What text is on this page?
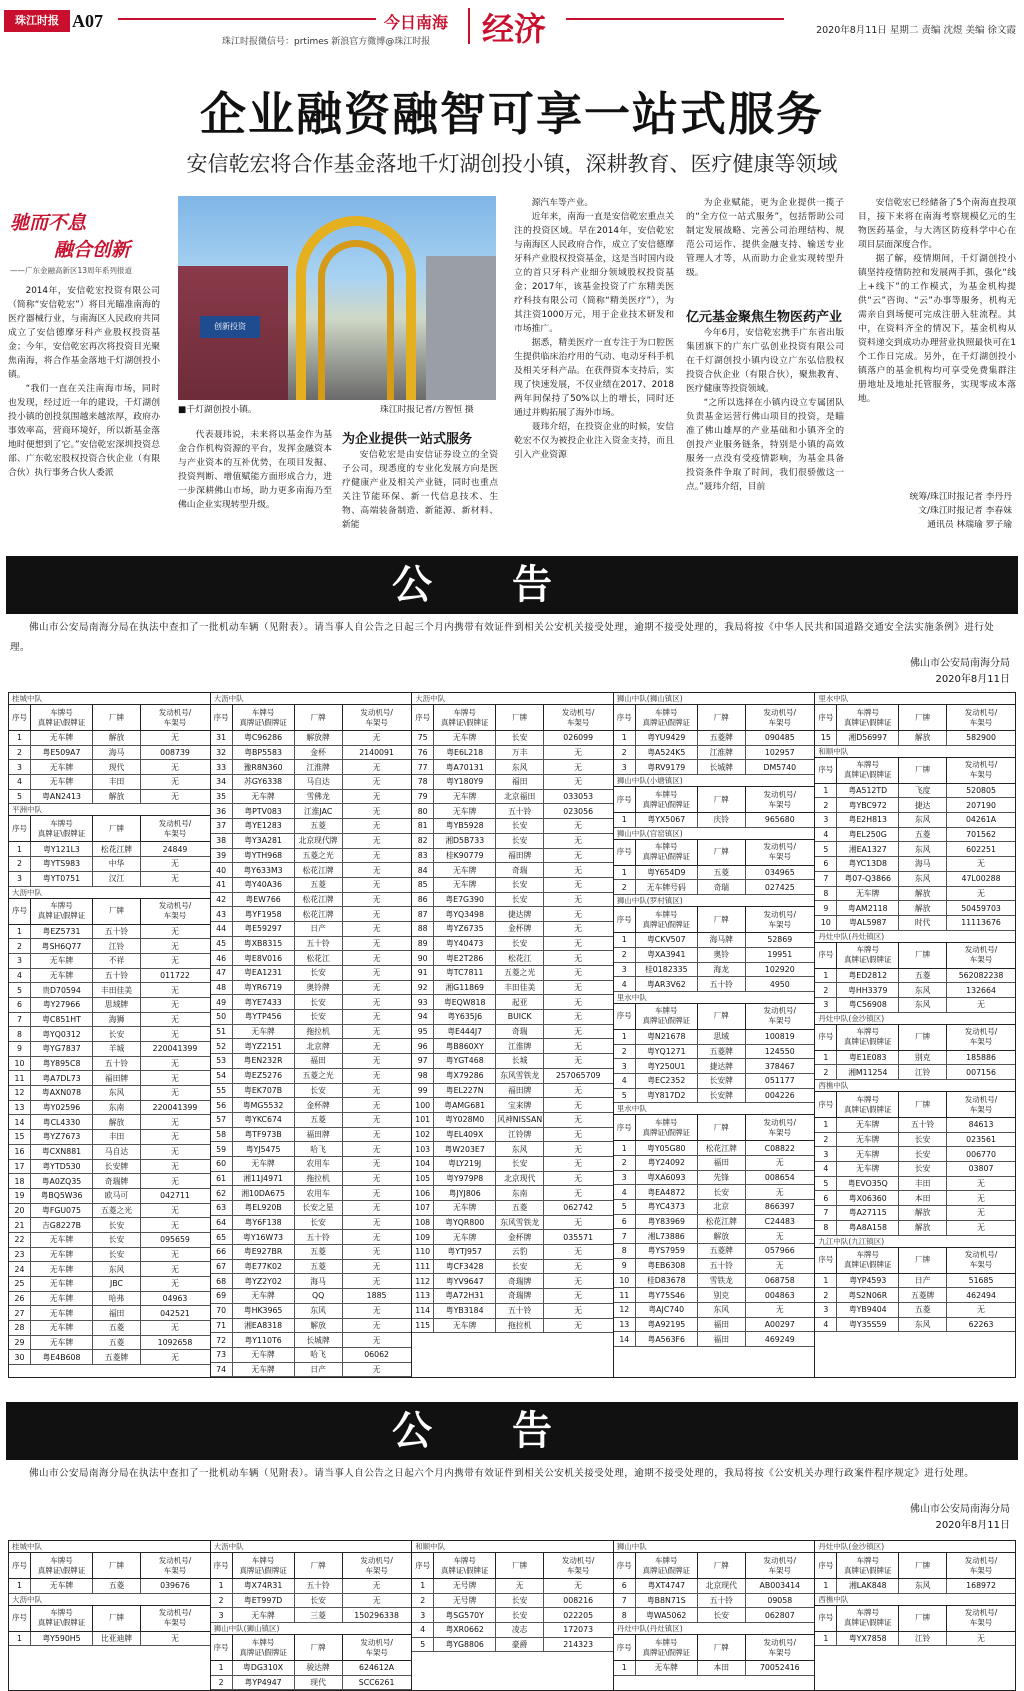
珠江时报 A07
珠江时报微信号：prtimes 新浪官方微博@珠江时报
今日南海 经济	2020年8月11日 星期二 责编 沈煜 美编 徐文霞
企业融资融智可享一站式服务
安信乾宏将合作基金落地千灯湖创投小镇，深耕教育、医疗健康等领域
驰而不息
融合创新
——广东金融高新区13周年系列报道

2014年，安信乾宏投资有限公司（简称“安信乾宏”）将目光瞄准南海的医疗器械行业，与南海区人民政府共同成立了安信德摩牙科产业股权投资基金；今年，安信乾宏再次将投资目光聚焦南海，将合作基金落地千灯湖创投小镇。

“我们一直在关注南海市场，同时也发现，经过近一年的建设，千灯湖创投小镇的创投氛围越来越浓厚，政府办事效率高，营商环境好，所以新基金落地时便想到了它。”安信乾宏深圳投资总部、广东乾宏股权投资合伙企业（有限合伙）执行事务合伙人委派

创新投资
■千灯湖创投小镇。	珠江时报记者/方智恒 摄

代表聂玮说，未来将以基金作为基金合作机构资源的平台，发挥金融资本与产业资本的互补优势，在项目发掘、投资判断、增值赋能方面形成合力，进一步深耕佛山市场，助力更多南海乃至佛山企业实现转型升级。

为企业提供一站式服务

安信乾宏是由安信证券设立的全资子公司，现悉度的专业化发展方向是医疗健康产业及相关产业链，同时也重点关注节能环保、新一代信息技术、生物、高端装备制造、新能源、新材料、新能

源汽车等产业。

近年来，南海一直是安信乾宏重点关注的投资区域。早在2014年，安信乾宏与南海区人民政府合作，成立了安信德摩牙科产业股权投资基金，这是当时国内设立的首只牙科产业细分领域股权投资基金；2017年，该基金投资了广东精美医疗科技有限公司（简称“精美医疗”），为其注资1000万元，用于企业技术研发和市场推广。

据悉，精美医疗一直专注于为口腔医生提供临床治疗用的气动、电动牙科手机及相关牙科产品。在获得资本支持后，实现了快速发展，不仅业绩在2017、2018两年间保持了50%以上的增长，同时还通过并购拓展了海外市场。

聂玮介绍，在投资企业的时候，安信乾宏不仅为被投企业注入资金支持，而且引入产业资源

为企业赋能，更为企业提供一揽子的“全方位一站式服务”，包括帮助公司制定发展战略、完善公司治理结构、规范公司运作、提供金融支持、输送专业管理人才等，从而助力企业实现转型升级。

亿元基金聚焦生物医药产业

今年6月，安信乾宏携手广东省出版集团旗下的广东广弘创业投资有限公司在千灯湖创投小镇内设立广东弘信股权投资合伙企业（有限合伙），聚焦教育、医疗健康等投资领域。

“之所以选择在小镇内设立专属团队负责基金运营行佛山项目的投资，是瞄准了佛山雄厚的产业基础和小镇齐全的创投产业服务链条，特别是小镇的高效服务一点没有受疫情影响，为基金具备投资条件争取了时间，我们很骄傲这一点。”聂玮介绍，目前

安信乾宏已经储备了5个南海直投项目，接下来将在南海考察规模亿元的生物医药基金，与大湾区防疫科学中心在项目层面深度合作。

据了解，疫情期间，千灯湖创投小镇坚持疫情防控和发展两手抓，强化“线上+线下”的工作模式，为基金机构提供“云”咨询、“云”办事等服务，机构无需亲自到场便可完成注册入驻流程。其中，在资料齐全的情况下，基金机构从资料递交到成功办理营业执照最快可在1个工作日完成。另外，在千灯湖创投小镇落户的基金机构均可享受免费集群注册地址及地址托管服务，实现零成本落地。

统筹/珠江时报记者 李丹丹
文/珠江时报记者 李春妹
通讯员 林瑞瑜 罗子瑜
公告
佛山市公安局南海分局在执法中查扣了一批机动车辆（见附表）。请当事人自公告之日起三个月内携带有效证件到相关公安机关接受处理，逾期不接受处理的，我局将按《中华人民共和国道路交通安全法实施条例》进行处理。
佛山市公安局南海分局
2020年8月11日
桂城中队
序号
车牌号
真牌证\假牌证
厂牌
发动机号/
车架号
1	无车牌	解放	无
2	粤E509A7	海马	008739
3	无车牌	现代	无
4	无车牌	丰田	无
5	粤AN2413	解放	无
平洲中队
序号
车牌号
真牌证\假牌证
厂牌
发动机号/
车架号
1	粤Y121L3	松花江牌	24849
2	粤YTS983	中华	无
3	粤YT0751	汉江	无
大沥中队
序号
车牌号
真牌证\假牌证
厂牌
发动机号/
车架号
1	粤EZ5731	五十铃	无
2	粤SH6Q77	江铃	无
3	无车牌	不祥	无
4	无车牌	五十铃	011722
5	贵D70594	丰田佳美	无
6	粤Y27966	思域牌	无
7	粤C851HT	海狮	无
8	粤YQ0312	长安	无
9	粤YG7837	羊城	220041399
10	粤Y895C8	五十铃	无
11	粤A7DL73	福田牌	无
12	粤AXN078	东风	无
13	粤Y02596	东南	220041399
14	粤CL4330	解放	无
15	粤YZ7673	丰田	无
16	粤CXN881	马自达	无
17	粤YTD530	长安牌	无
18	粤A0ZQ35	奇瑞牌	无
19	粤BQ5W36	欧马可	042711
20	粤FGU075	五菱之光	无
21	吉G8227B	长安	无
22	无车牌	长安	095659
23	无车牌	长安	无
24	无车牌	东风	无
25	无车牌	JBC	无
26	无车牌	哈弗	04963
27	无车牌	福田	042521
28	无车牌	五菱	无
29	无车牌	五菱	1092658
30	粤E4B608	五菱牌	无
大沥中队
序号
车牌号
真牌证\假牌证
厂牌
发动机号/
车架号
31	粤C96286	解放牌	无
32	粤BP5583	金杯	2140091
33	豫R8N360	江淮牌	无
34	苏GY6338	马自达	无
35	无车牌	雪佛龙	无
36	粤PTV083	江淮JAC	无
37	粤YE1283	五菱	无
38	粤Y3A281	北京现代牌	无
39	粤YTH968	五菱之光	无
40	粤Y633M3	松花江牌	无
41	粤Y40A36	五菱	无
42	粤EW766	松花江牌	无
43	粤YF1958	松花江牌	无
44	粤E59297	日产	无
45	粤XB8315	五十铃	无
46	粤E8V016	松花江	无
47	粤EA1231	长安	无
48	粤YR6719	奥铃牌	无
49	粤YE7433	长安	无
50	粤YTP456	长安	无
51	无车牌	拖拉机	无
52	粤YZ2151	北京牌	无
53	粤EN232R	福田	无
54	粤EZ5276	五菱之光	无
55	粤EK707B	长安	无
56	粤MG5532	金杯牌	无
57	粤YKC674	五菱	无
58	粤TF973B	福田牌	无
59	粤YJ5475	哈飞	无
60	无车牌	农用车	无
61	湘11J4971	拖拉机	无
62	湘10DA675	农用车	无
63	粤EL920B	长安之星	无
64	粤Y6F138	长安	无
65	粤Y16W73	五十铃	无
66	粤E927BR	五菱	无
67	粤E77K02	五菱	无
68	粤YZ2Y02	海马	无
69	无车牌	QQ	1885
70	粤HK3965	东风	无
71	湘EA8318	解放	无
72	粤Y110T6	长城牌	无
73	无车牌	哈飞	06062
74	无车牌	日产	无
大沥中队
序号
车牌号
真牌证\假牌证
厂牌
发动机号/
车架号
75	无车牌	长安	026099
76	粤E6L218	万丰	无
77	粤A70131	东风	无
78	粤Y180Y9	福田	无
79	无车牌	北京福田	033053
80	无车牌	五十铃	023056
81	粤YB5928	长安	无
82	湘D5B733	长安	无
83	桂K90779	福田牌	无
84	无车牌	奇瑞	无
85	无车牌	长安	无
86	粤E7G390	长安	无
87	粤YQ3498	捷达牌	无
88	粤YZ6735	金杯牌	无
89	粤Y40473	长安	无
90	粤E2T286	松花江	无
91	粤TC7811	五菱之光	无
92	湘G11869	丰田佳美	无
93	粤EQW818	起亚	无
94	粤Y635J6	BUICK	无
95	粤E444J7	奇瑞	无
96	粤B860XY	江淮牌	无
97	粤YGT468	长城	无
98	粤X79286	东风雪铁龙	257065709
99	粤EL227N	福田牌	无
100	粤AMG681	宝来牌	无
101	粤Y028M0	风神NISSAN	无
102	粤EL409X	江铃牌	无
103	粤W203E7	东风	无
104	粤LY219J	长安	无
105	粤Y979P8	北京现代	无
106	粤JYJ806	东南	无
107	无车牌	五菱	062742
108	粤YQR800	东风雪铁龙	无
109	无车牌	金杯牌	035571
110	粤YTJ957	云豹	无
111	粤CF3428	长安	无
112	粤YV9647	奇瑞牌	无
113	粤A72H31	奇瑞牌	无
114	粤YB3184	五十铃	无
115	无车牌	拖拉机	无
狮山中队(狮山镇区)
序号
车牌号
真牌证\假牌证
厂牌
发动机号/
车架号
1	粤YU9429	五菱牌	090485
2	粤A524K5	江淮牌	102957
3	粤RV9179	长城牌	DM5740
狮山中队(小塘镇区)
序号
车牌号
真牌证\假牌证
厂牌
发动机号/
车架号
1	粤YX5067	庆铃	965680
狮山中队(官窑镇区)
序号
车牌号
真牌证\假牌证
厂牌
发动机号/
车架号
1	粤Y654D9	五菱	034965
2	无车牌号码	奇瑞	027425
狮山中队(罗村镇区)
序号
车牌号
真牌证\假牌证
厂牌
发动机号/
车架号
1	粤CKV507	海马牌	52869
2	粤XA3941	奥铃	19951
3	桂0182335	海龙	102920
4	粤AR3V62	五十铃	4950
里水中队
序号
车牌号
真牌证\假牌证
厂牌
发动机号/
车架号
1	粤N21678	思域	100819
2	粤YQ1271	五菱牌	124550
3	粤Y250U1	捷达牌	378467
4	粤EC2352	长安牌	051177
5	粤Y817D2	长安牌	004226
里水中队
序号
车牌号
真牌证\假牌证
厂牌
发动机号/
车架号
1	粤Y05G80	松花江牌	C08822
2	粤Y24092	福田	无
3	粤XA6093	先锋	008654
4	粤EA4872	长安	无
5	粤YC4373	北京	866397
6	粤Y83969	松花江牌	C24483
7	湘L73886	解放	无
8	粤YS7959	五菱牌	057966
9	粤EB6308	五十铃	无
10	桂D83678	雪铁龙	068758
11	粤Y75S46	别克	004863
12	粤AJC740	东风	无
13	粤A92195	福田	A00297
14	粤A563F6	福田	469249
里水中队
序号
车牌号
真牌证\假牌证
厂牌
发动机号/
车架号
15	湘D56997	解放	582900
和顺中队
序号
车牌号
真牌证\假牌证
厂牌
发动机号/
车架号
1	粤A512TD	飞度	520805
2	粤YBC972	捷达	207190
3	粤E2H813	东风	04261A
4	粤EL250G	五菱	701562
5	湘EA1327	东风	602251
6	粤YC13D8	海马	无
7	粤07-Q3866	东风	47L00288
8	无车牌	解放	无
9	粤AM2118	解放	50459703
10	粤AL5987	时代	11113676
丹灶中队(丹灶镇区)
序号
车牌号
真牌证\假牌证
厂牌
发动机号/
车架号
1	粤ED2812	五菱	562082238
2	粤HH3379	东风	132664
3	粤C56908	东风	无
丹灶中队(金沙镇区)
序号
车牌号
真牌证\假牌证
厂牌
发动机号/
车架号
1	粤E1E083	别克	185886
2	湘M11254	江铃	007156
西樵中队
序号
车牌号
真牌证\假牌证
厂牌
发动机号/
车架号
1	无车牌	五十铃	84613
2	无车牌	长安	023561
3	无车牌	长安	006770
4	无车牌	长安	03807
5	粤EVO35Q	丰田	无
6	粤X06360	本田	无
7	粤A27115	解放	无
8	粤A8A158	解放	无
九江中队(九江镇区)
序号
车牌号
真牌证\假牌证
厂牌
发动机号/
车架号
1	粤YP4593	日产	51685
2	粤S2N06R	五菱牌	462494
3	粤YB9404	五菱	无
4	粤Y35S59	东风	62263
公告
佛山市公安局南海分局在执法中查扣了一批机动车辆（见附表）。请当事人自公告之日起六个月内携带有效证件到相关公安机关接受处理，逾期不接受处理的，我局将按《公安机关办理行政案件程序规定》进行处理。
佛山市公安局南海分局
2020年8月11日
桂城中队
序号
车牌号
真牌证\假牌证
厂牌
发动机号/
车架号
1	无车牌	五菱	039676
大沥中队
序号
车牌号
真牌证\假牌证
厂牌
发动机号/
车架号
1	粤Y590H5	比亚迪牌	无
大沥中队
序号
车牌号
真牌证\假牌证
厂牌
发动机号/
车架号
1	粤X74R31	五十铃	无
2	粤ET997D	长安	无
3	无车牌	三菱	150296338
狮山中队(狮山镇区)
序号
车牌号
真牌证\假牌证
厂牌
发动机号/
车架号
1	粤DG310X	骏达牌	624612A
2	粤YP4947	现代	SCC6261
和顺中队
序号
车牌号
真牌证\假牌证
厂牌
发动机号/
车架号
1	无号牌	无	无
2	无号牌	长安	008216
3	粤SG570Y	长安	022205
4	粤XR0662	凌志	172073
5	粤YG8806	豪爵	214323
狮山中队
序号
车牌号
真牌证\假牌证
厂牌
发动机号/
车架号
6	粤XT4747	北京现代	AB003414
7	粤B8N71S	五十铃	09058
8	粤WA5062	长安	062807
丹灶中队(丹灶镇区)
序号
车牌号
真牌证\假牌证
厂牌
发动机号/
车架号
1	无车牌	本田	70052416
丹灶中队(金沙镇区)
序号
车牌号
真牌证\假牌证
厂牌
发动机号/
车架号
1	湘LAK848	东风	168972
西樵中队
序号
车牌号
真牌证\假牌证
厂牌
发动机号/
车架号
1	粤YX7858	江铃	无
